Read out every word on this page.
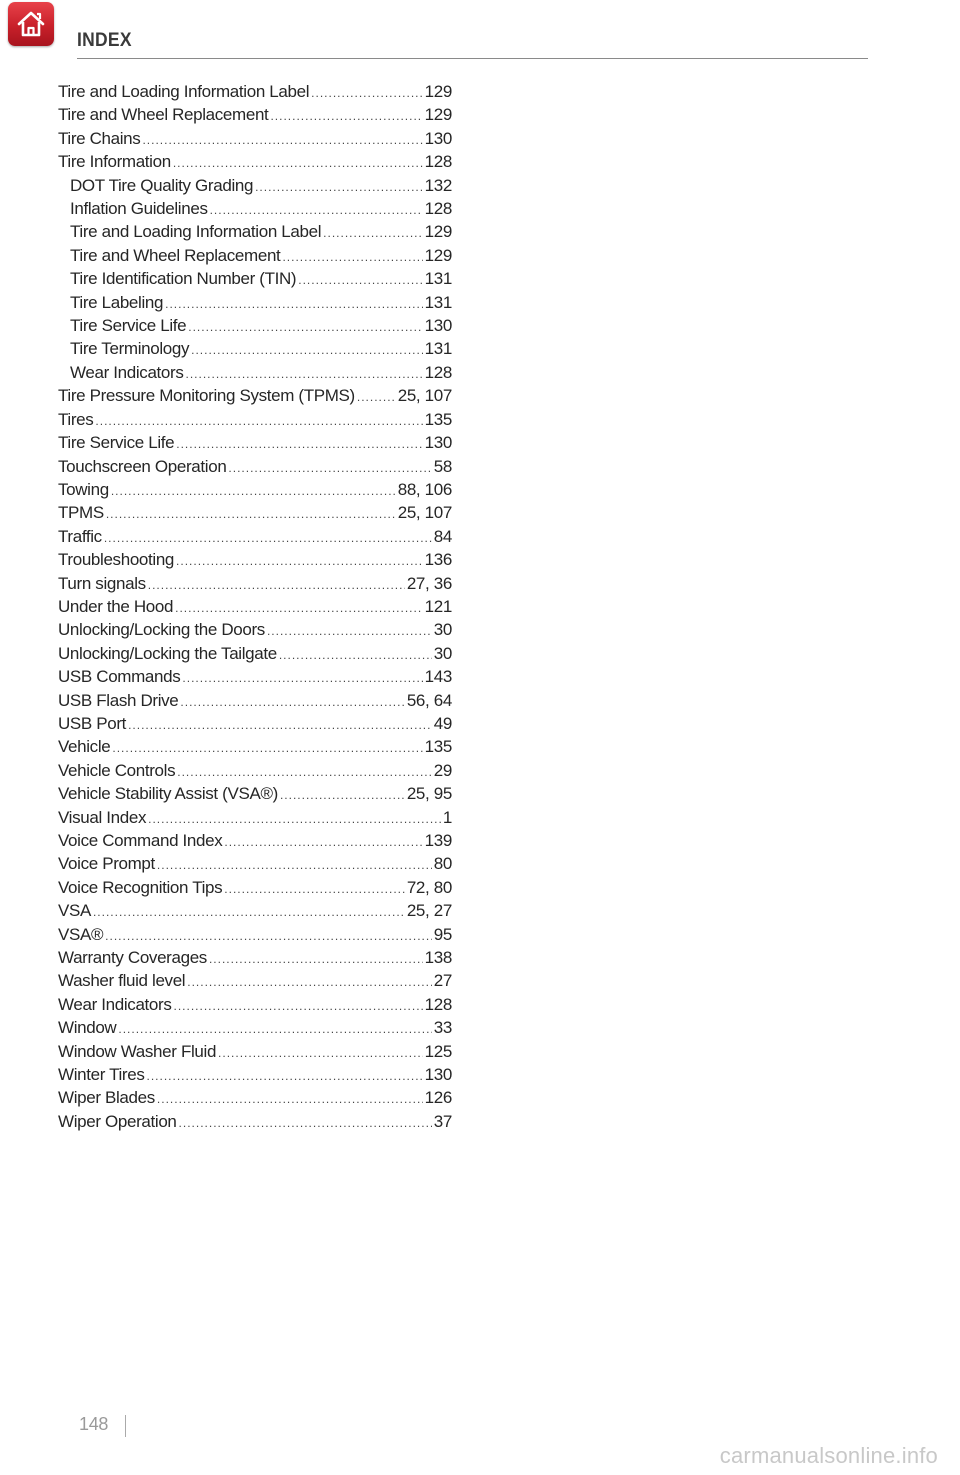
INDEX
Tire and Loading Information Label .....	129
Tire and Wheel Replacement .....	129
Tire Chains .....	130
Tire Information .....	128
DOT Tire Quality Grading .....	132
Inflation Guidelines .....	128
Tire and Loading Information Label .....	129
Tire and Wheel Replacement .....	129
Tire Identification Number (TIN) .....	131
Tire Labeling .....	131
Tire Service Life .....	130
Tire Terminology .....	131
Wear Indicators .....	128
Tire Pressure Monitoring System (TPMS) .....	25, 107
Tires .....	135
Tire Service Life .....	130
Touchscreen Operation .....	58
Towing .....	88, 106
TPMS .....	25, 107
Traffic .....	84
Troubleshooting .....	136
Turn signals .....	27, 36
Under the Hood .....	121
Unlocking/Locking the Doors .....	30
Unlocking/Locking the Tailgate .....	30
USB Commands .....	143
USB Flash Drive .....	56, 64
USB Port .....	49
Vehicle .....	135
Vehicle Controls .....	29
Vehicle Stability Assist (VSA®) .....	25, 95
Visual Index .....	1
Voice Command Index .....	139
Voice Prompt .....	80
Voice Recognition Tips .....	72, 80
VSA .....	25, 27
VSA® .....	95
Warranty Coverages .....	138
Washer fluid level .....	27
Wear Indicators .....	128
Window .....	33
Window Washer Fluid .....	125
Winter Tires .....	130
Wiper Blades .....	126
Wiper Operation .....	37
148
carmanualsonline.info
